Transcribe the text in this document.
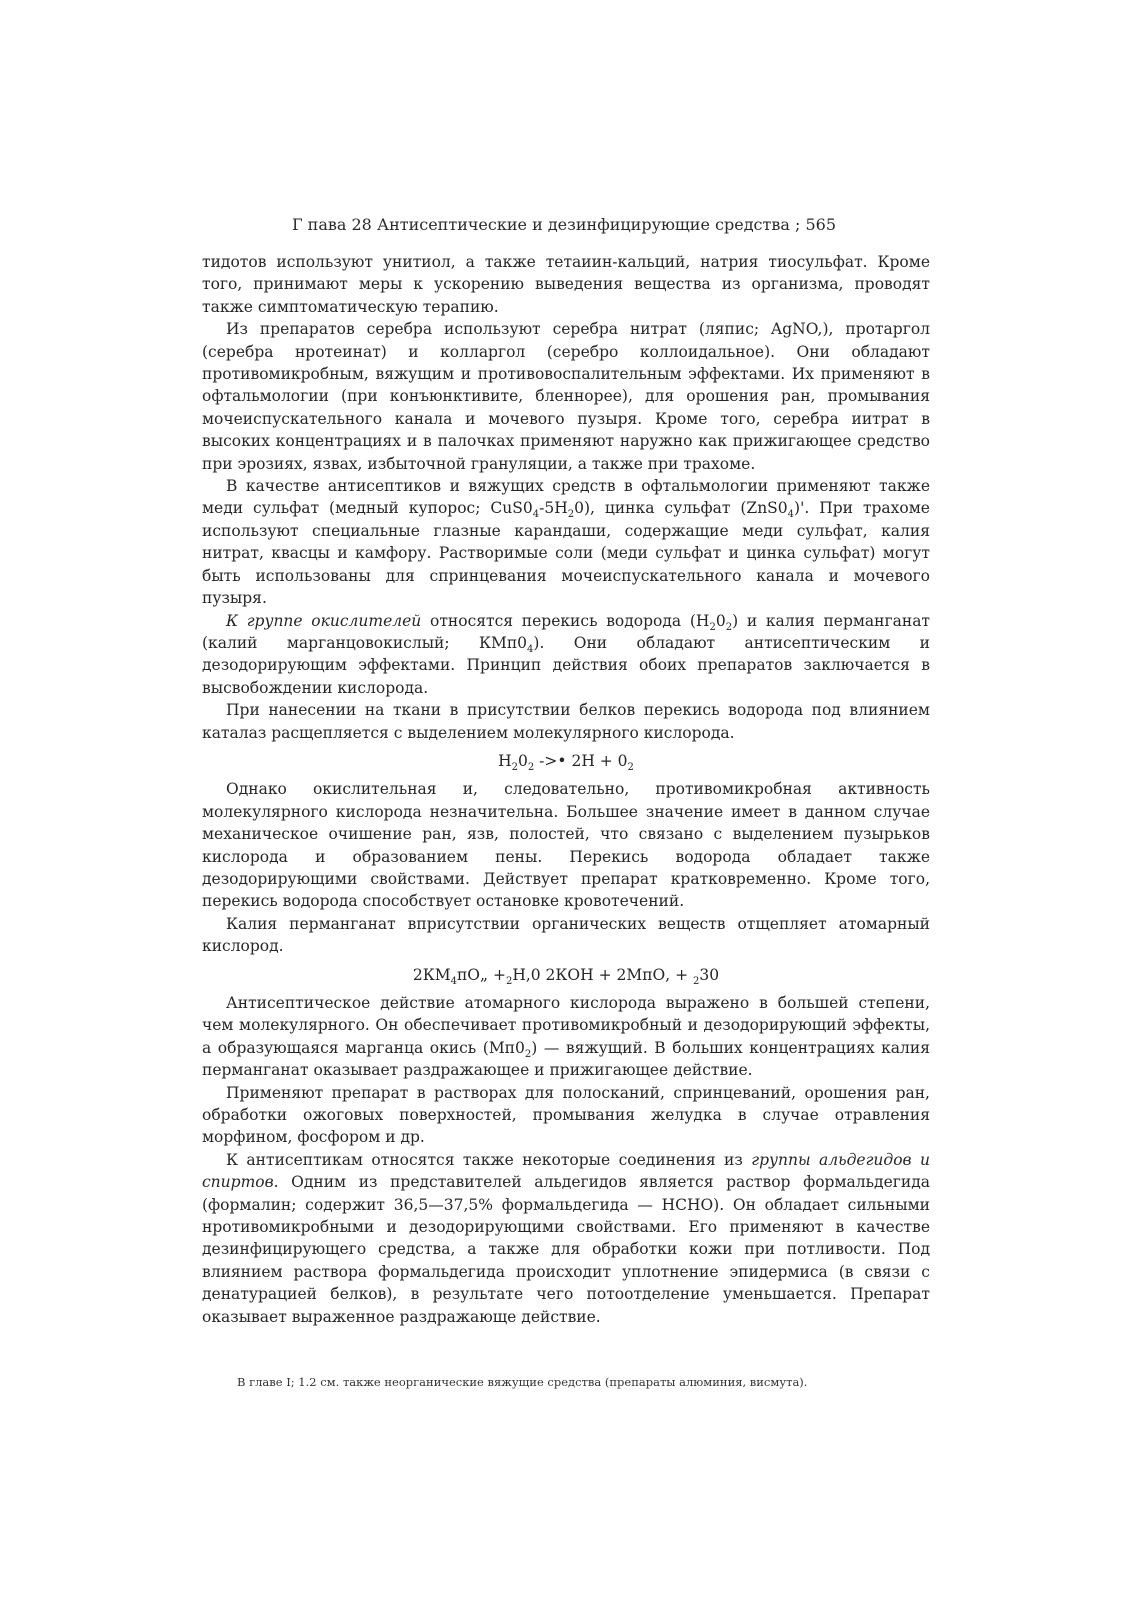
Г пава 28 Антисептические и дезинфицирующие средства ; 565

тидотов используют унитиол, а также тетаиин-кальций, натрия тиосульфат. Кроме того, принимают меры к ускорению выведения вещества из организма, проводят также симптоматическую терапию.

Из препаратов серебра используют серебра нитрат (ляпис; AgNO,), протаргол (серебра нротеинат) и колларгол (серебро коллоидальное). Они обладают противомикробным, вяжущим и противовоспалительным эффектами. Их применяют в офтальмологии (при конъюнктивите, бленнорее), для орошения ран, промывания мочеиспускательного канала и мочевого пузыря. Кроме того, серебра иитрат в высоких концентрациях и в палочках применяют наружно как прижигающее средство при эрозиях, язвах, избыточной грануляции, а также при трахоме.

В качестве антисептиков и вяжущих средств в офтальмологии применяют также меди сульфат (медный купорос; $CuS0_4-5H_20$), цинка сульфат $(ZnS0_4)'$. При трахоме используют специальные глазные карандаши, содержащие меди сульфат, калия нитрат, квасцы и камфору. Растворимые соли (меди сульфат и цинка сульфат) могут быть использованы для спринцевания мочеиспускательного канала и мочевого пузыря.

К группе окислителей относятся перекись водорода $(H_20_2)$ и калия перманганат (калий марганцовокислый; $КМп0_4$). Они обладают антисептическим и дезодорирующим эффектами. Принцип действия обоих препаратов заключается в высвобождении кислорода.

При нанесении на ткани в присутствии белков перекись водорода под влиянием каталаз расщепляется с выделением молекулярного кислорода.

$H_20_2$ ->• $2H + 0_2$

Однако окислительная и, следовательно, противомикробная активность молекулярного кислорода незначительна. Большее значение имеет в данном случае механическое очишение ран, язв, полостей, что связано с выделением пузырьков кислорода и образованием пены. Перекись водорода обладает также дезодорирующими свойствами. Действует препарат кратковременно. Кроме того, перекись водорода способствует остановке кровотечений.

Калия перманганат вприсутствии органических веществ отщепляет атомарный кислород.

$2КМ_4пО„ +_2Н,0$ 2КОН + 2МпО, + $_2$30

Антисептическое действие атомарного кислорода выражено в большей степени, чем молекулярного. Он обеспечивает противомикробный и дезодорирующий эффекты, а образующаяся марганца окись $(Мп0_2)$ — вяжущий. В больших концентрациях калия перманганат оказывает раздражающее и прижигающее действие.

Применяют препарат в растворах для полосканий, спринцеваний, орошения ран, обработки ожоговых поверхностей, промывания желудка в случае отравления морфином, фосфором и др.

К антисептикам относятся также некоторые соединения из группы альдегидов и спиртов. Одним из представителей альдегидов является раствор формальдегида (формалин; содержит 36,5—37,5% формальдегида — НСНО). Он обладает сильными нротивомикробными и дезодорирующими свойствами. Его применяют в качестве дезинфицирующего средства, а также для обработки кожи при потливости. Под влиянием раствора формальдегида происходит уплотнение эпидермиса (в связи с денатурацией белков), в результате чего потоотделение уменьшается. Препарат оказывает выраженное раздражающе действие.

В главе I; 1.2 см. также неорганические вяжущие средства (препараты алюминия, висмута).
